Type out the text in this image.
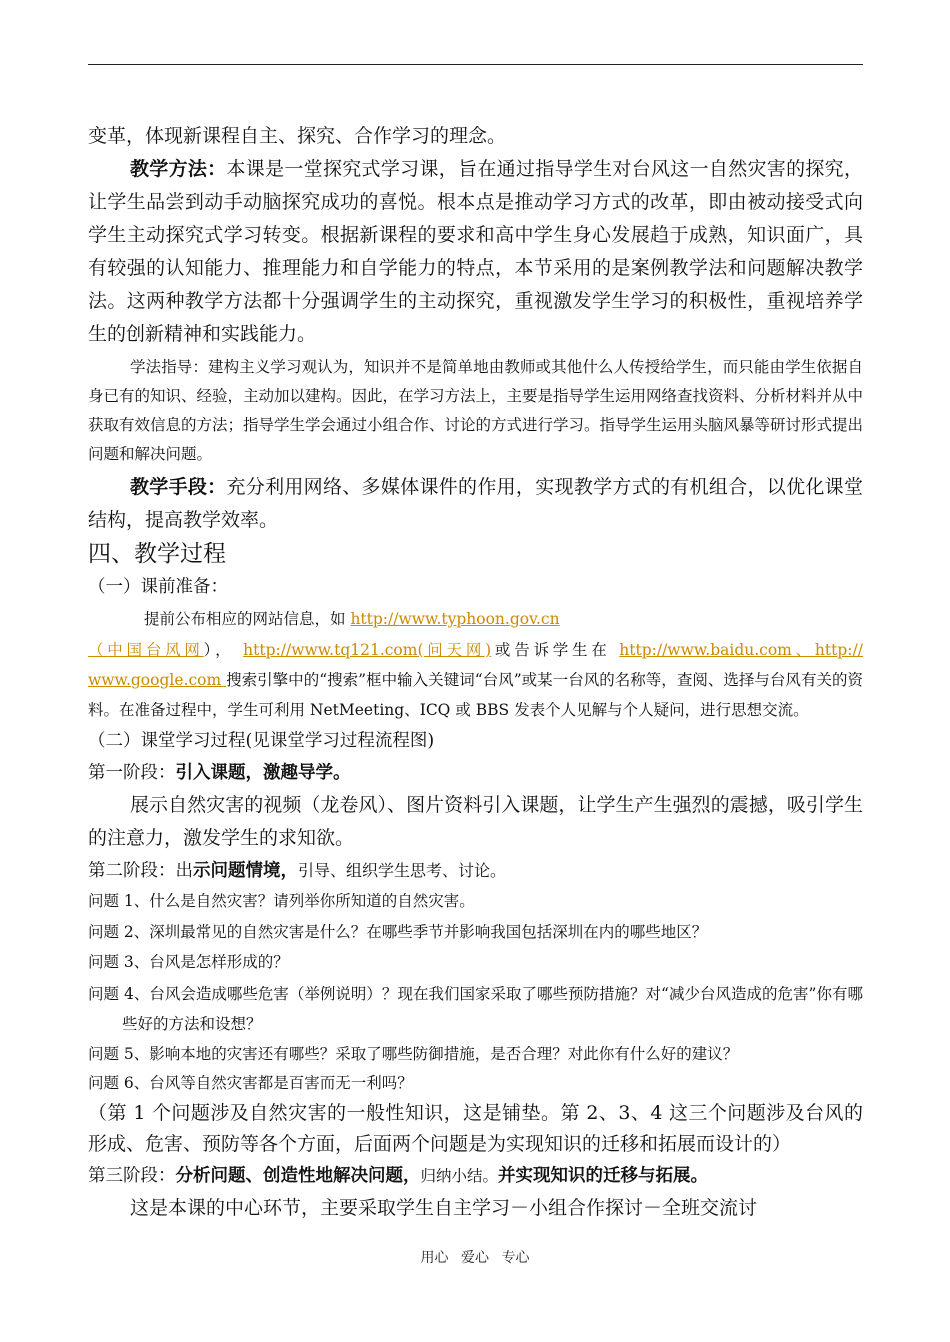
变革，体现新课程自主、探究、合作学习的理念。

教学方法：本课是一堂探究式学习课，旨在通过指导学生对台风这一自然灾害的探究，让学生品尝到动手动脑探究成功的喜悦。根本点是推动学习方式的改革，即由被动接受式向学生主动探究式学习转变。根据新课程的要求和高中学生身心发展趋于成熟，知识面广，具有较强的认知能力、推理能力和自学能力的特点，本节采用的是案例教学法和问题解决教学法。这两种教学方法都十分强调学生的主动探究，重视激发学生学习的积极性，重视培养学生的创新精神和实践能力。

学法指导：建构主义学习观认为，知识并不是简单地由教师或其他什么人传授给学生，而只能由学生依据自身已有的知识、经验，主动加以建构。因此，在学习方法上，主要是指导学生运用网络查找资料、分析材料并从中获取有效信息的方法；指导学生学会通过小组合作、讨论的方式进行学习。指导学生运用头脑风暴等研讨形式提出问题和解决问题。

教学手段：充分利用网络、多媒体课件的作用，实现教学方式的有机组合，以优化课堂结构，提高教学效率。

四、教学过程

（一）课前准备：

提前公布相应的网站信息，如 http://www.typhoon.gov.cn

（中国台风网）， http://www.tq121.com(问天网)或告诉学生在 http://www.baidu.com、http:// www.google.com 搜索引擎中的“搜索”框中输入关键词“台风”或某一台风的名称等，查阅、选择与台风有关的资料。在准备过程中，学生可利用 NetMeeting、ICQ 或 BBS 发表个人见解与个人疑问，进行思想交流。

（二）课堂学习过程(见课堂学习过程流程图)

第一阶段：引入课题，激趣导学。

展示自然灾害的视频（龙卷风）、图片资料引入课题，让学生产生强烈的震撼，吸引学生的注意力，激发学生的求知欲。

第二阶段：出示问题情境，引导、组织学生思考、讨论。

问题 1、什么是自然灾害？请列举你所知道的自然灾害。

问题 2、深圳最常见的自然灾害是什么？在哪些季节并影响我国包括深圳在内的哪些地区？

问题 3、台风是怎样形成的？

问题 4、台风会造成哪些危害（举例说明）？现在我们国家采取了哪些预防措施？对“减少台风造成的危害”你有哪些好的方法和设想？

问题 5、影响本地的灾害还有哪些？采取了哪些防御措施，是否合理？对此你有什么好的建议？

问题 6、台风等自然灾害都是百害而无一利吗？

（第 1 个问题涉及自然灾害的一般性知识，这是铺垫。第 2、3、4 这三个问题涉及台风的形成、危害、预防等各个方面，后面两个问题是为实现知识的迁移和拓展而设计的）

第三阶段：分析问题、创造性地解决问题，归纳小结。并实现知识的迁移与拓展。

这是本课的中心环节，主要采取学生自主学习－小组合作探讨－全班交流讨

用心 爱心 专心
